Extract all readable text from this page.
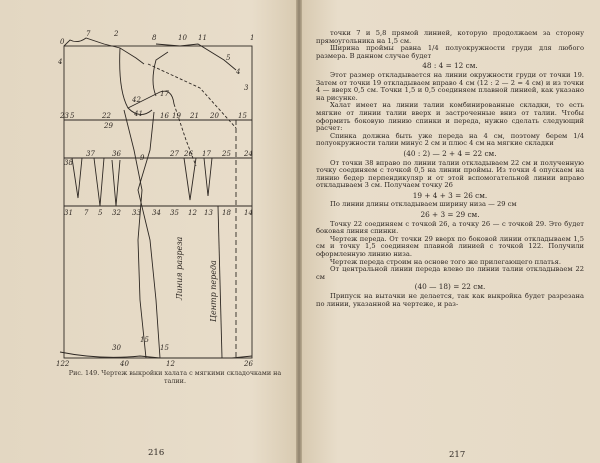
0
7	2	8	10 11	1
4	5
4
3
42
41
17
23 5	22
29
16 19 21 20	15
38
37 36	9	27 26 17 25 24
31 7 5 32 33 34 35 12 13 18 14
15
30	15
122	40	12	26
Линия разреза	Центр переда
Рис. 149. Чертеж выкройки халата с мягкими складочками на талии.
216

точки 7 и 5,8 прямой линией, которую продолжаем за сторону прямоугольника на 1,5 см.

Ширина проймы равна 1/4 полуокружности груди для любого размера. В данном случае будет

48 : 4 = 12 см.

Этот размер откладывается на линии окружности груди от точки 19. Затем от точки 19 откладываем вправо 4 см (12 : 2 — 2 = 4 см) и из точки 4 — вверх 0,5 см. Точки 1,5 и 0,5 соединяем плавной линией, как указано на рисунке.

Халат имеет на линии талии комбинированные складки, то есть мягкие от линии талии вверх и застроченные вниз от талии. Чтобы оформить боковую линию спинки и переда, нужно сделать следующий расчет:

Спинка должна быть уже переда на 4 см, поэтому берем 1/4 полуокружности талии минус 2 см и плюс 4 см на мягкие складки

(40 : 2) — 2 + 4 = 22 см.

От точки 38 вправо по линии талии откладываем 22 см и полученную точку соединяем с точкой 0,5 на линии проймы. Из точки 4 опускаем на линию бедер перпендикуляр и от этой вспомогательной линии вправо откладываем 3 см. Получаем точку 26

19 + 4 + 3 = 26 см.

По линии длины откладываем ширину низа — 29 см

26 + 3 = 29 см.

Точку 22 соединяем с точкой 26, а точку 26 — с точкой 29. Это будет боковая линия спинки.

Чертеж переда. От точки 29 вверх по боковой линии откладываем 1,5 см и точку 1,5 соединяем плавной линией с точкой 122. Получили оформленную линию низа.

Чертеж переда строим на основе того же прилегающего платья.

От центральной линии переда влево по линии талии откладываем 22 см

(40 — 18) = 22 см.

Припуск на вытачки не делается, так как выкройка будет разрезана по линии, указанной на чертеже, и раз-

217
